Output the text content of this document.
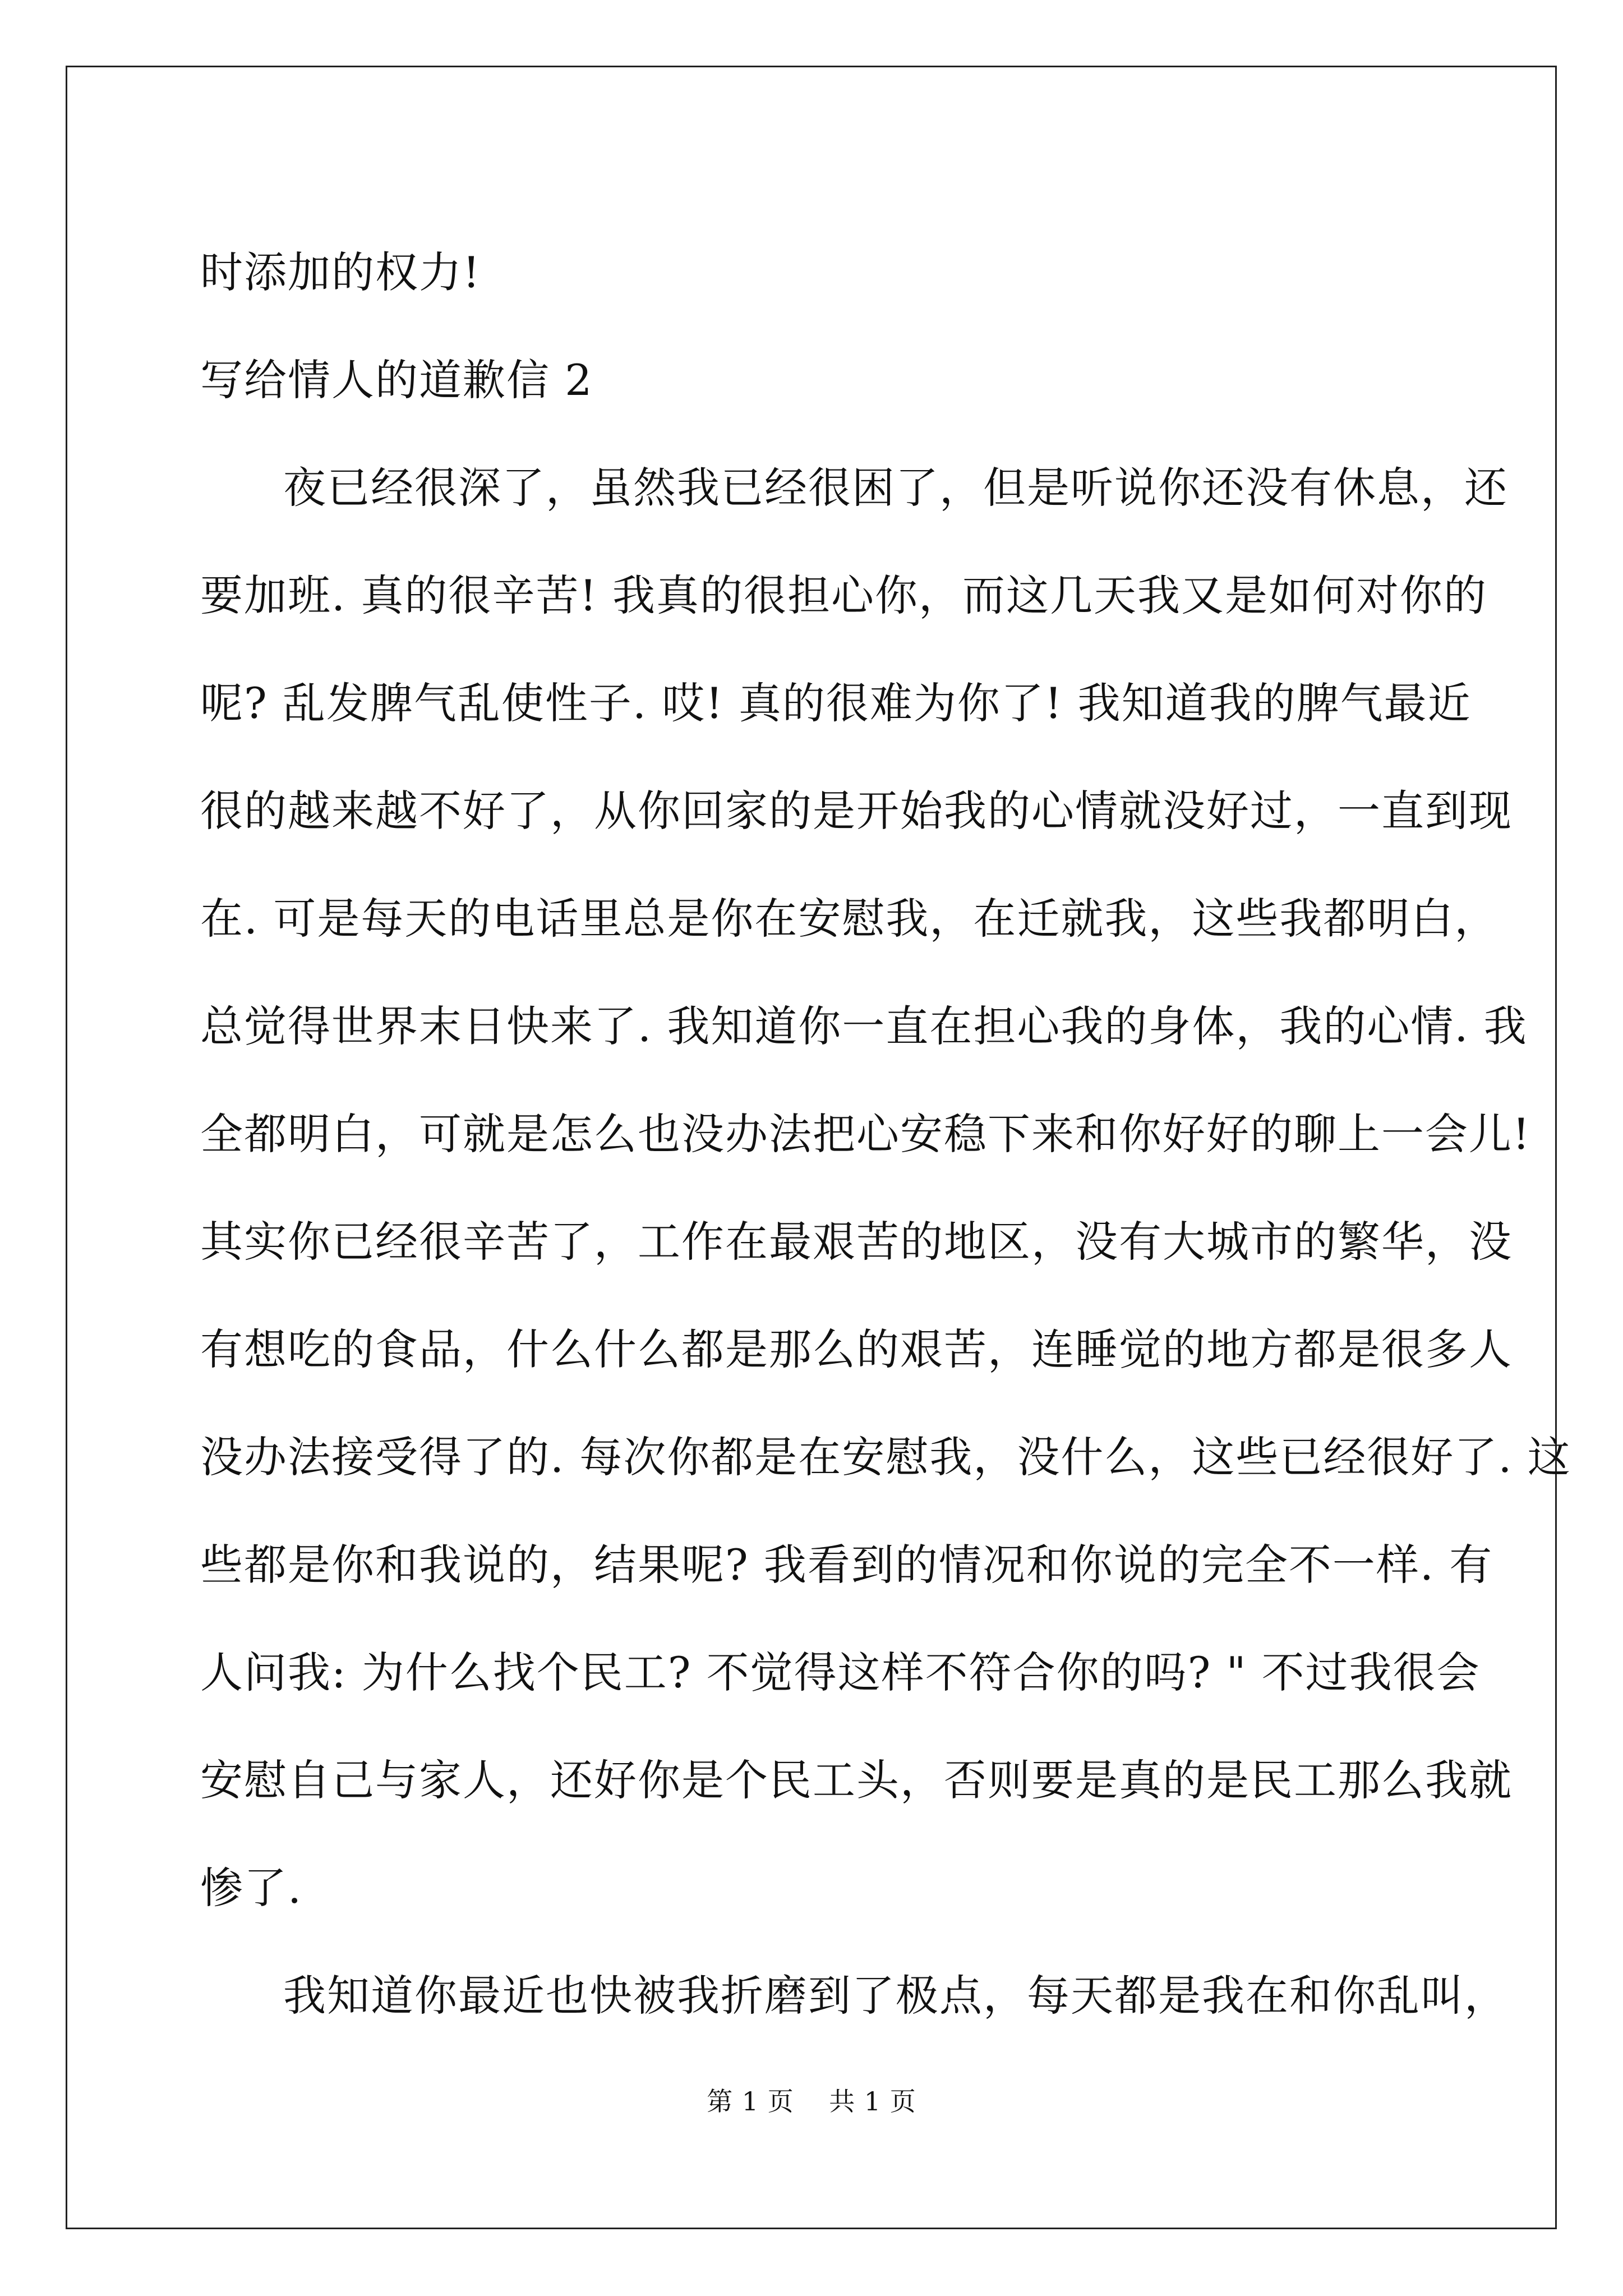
时添加的权力!
写给情人的道歉信 2
夜已经很深了，虽然我已经很困了，但是听说你还没有休息，还
要加班. 真的很辛苦! 我真的很担心你，而这几天我又是如何对你的
呢? 乱发脾气乱使性子. 哎! 真的很难为你了! 我知道我的脾气最近
很的越来越不好了，从你回家的是开始我的心情就没好过，一直到现
在. 可是每天的电话里总是你在安慰我，在迁就我，这些我都明白，
总觉得世界末日快来了. 我知道你一直在担心我的身体，我的心情. 我
全都明白，可就是怎么也没办法把心安稳下来和你好好的聊上一会儿!
其实你已经很辛苦了，工作在最艰苦的地区，没有大城市的繁华，没
有想吃的食品，什么什么都是那么的艰苦，连睡觉的地方都是很多人
没办法接受得了的. 每次你都是在安慰我，没什么，这些已经很好了. 这
些都是你和我说的，结果呢? 我看到的情况和你说的完全不一样. 有
人问我: 为什么找个民工? 不觉得这样不符合你的吗? " 不过我很会
安慰自己与家人，还好你是个民工头，否则要是真的是民工那么我就
惨了.
我知道你最近也快被我折磨到了极点，每天都是我在和你乱叫，
第 1 页    共 1 页
